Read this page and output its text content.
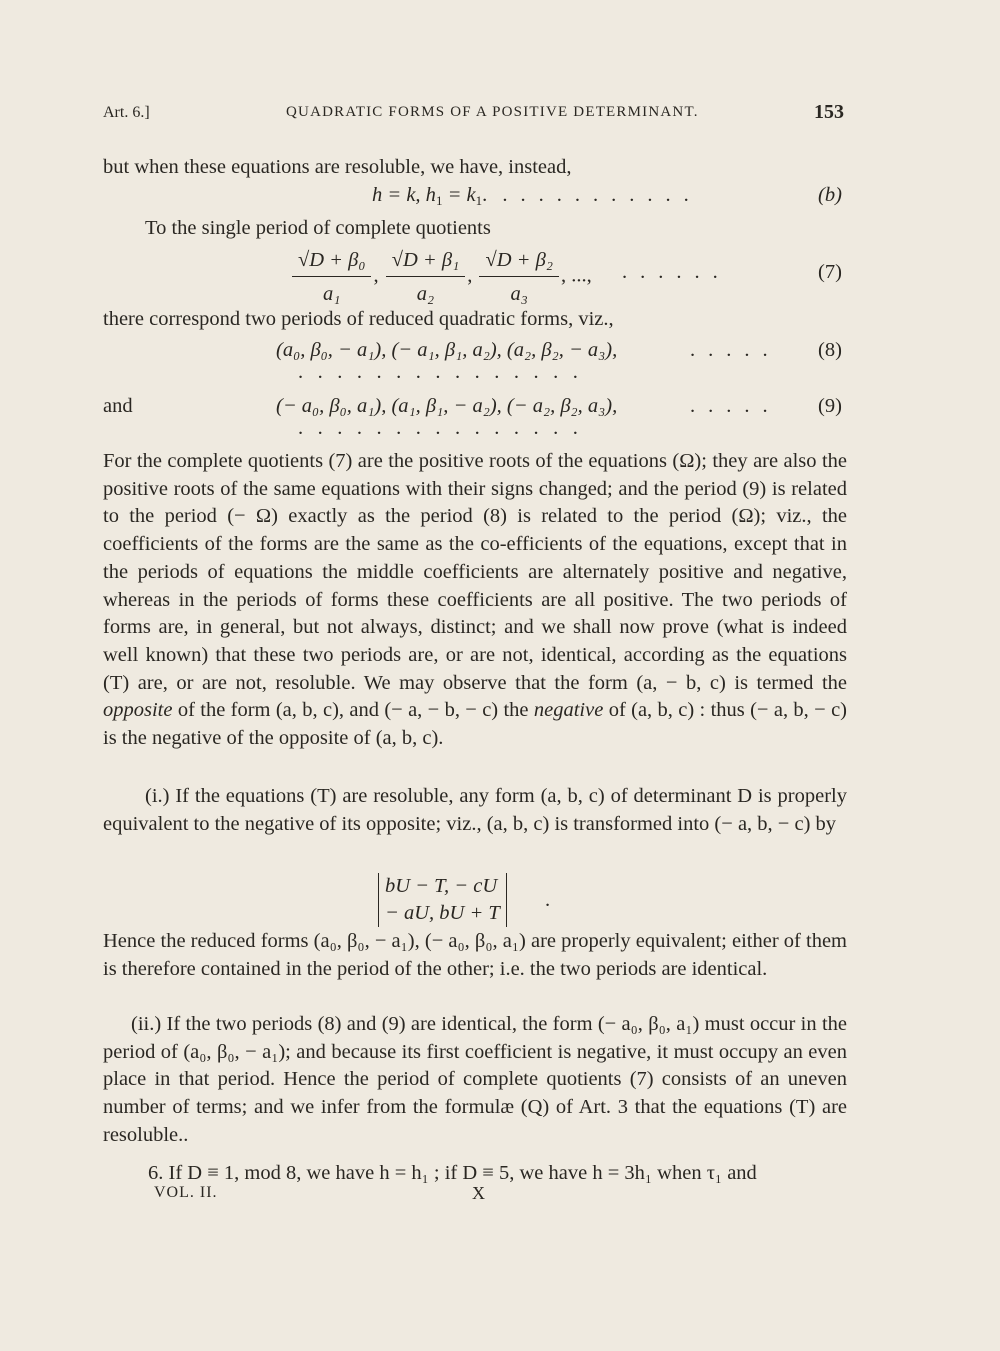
Art. 6.]	QUADRATIC FORMS OF A POSITIVE DETERMINANT.	153
but when these equations are resoluble, we have, instead,
h = k, $h_1 = k_1$. ...........	(b)
To the single period of complete quotients
$\frac{\text{√D + β₀}}{\text{a₁}}$ , $\frac{\text{√D + β₁}}{\text{a₂}}$ , $\frac{\text{√D + β₂}}{\text{a₃}}$ , ..., ......	(7)
there correspond two periods of reduced quadratic forms, viz.,
(a₀, β₀, − a₁), (− a₁, β₁, a₂), (a₂, β₂, − a₃),	..... (8)
...............
and	(− a₀, β₀, a₁), (a₁, β₁, − a₂), (− a₂, β₂, a₃),	..... (9)
...............

For the complete quotients (7) are the positive roots of the equations (Ω); they are also the positive roots of the same equations with their signs changed; and the period (9) is related to the period (− Ω) exactly as the period (8) is related to the period (Ω); viz., the coefficients of the forms are the same as the co-efficients of the equations, except that in the periods of equations the middle coefficients are alternately positive and negative, whereas in the periods of forms these coefficients are all positive. The two periods of forms are, in general, but not always, distinct; and we shall now prove (what is indeed well known) that these two periods are, or are not, identical, according as the equations (T) are, or are not, resoluble. We may observe that the form (a, − b, c) is termed the opposite of the form (a, b, c), and (− a, − b, − c) the negative of (a, b, c) : thus (− a, b, − c) is the negative of the opposite of (a, b, c).

(i.) If the equations (T) are resoluble, any form (a, b, c) of determinant D is properly equivalent to the negative of its opposite; viz., (a, b, c) is transformed into (− a, b, − c) by

bU − T, − cU
− aU, bU + T
.

Hence the reduced forms (a₀, β₀, − a₁), (− a₀, β₀, a₁) are properly equivalent; either of them is therefore contained in the period of the other; i.e. the two periods are identical.

(ii.) If the two periods (8) and (9) are identical, the form (− a₀, β₀, a₁) must occur in the period of (a₀, β₀, − a₁); and because its first coefficient is negative, it must occupy an even place in that period. Hence the period of complete quotients (7) consists of an uneven number of terms; and we infer from the formulæ (Q) of Art. 3 that the equations (T) are resoluble..

6. If D ≡ 1, mod 8, we have h = h₁ ; if D ≡ 5, we have h = 3h₁ when τ₁ and
VOL. II.	X
